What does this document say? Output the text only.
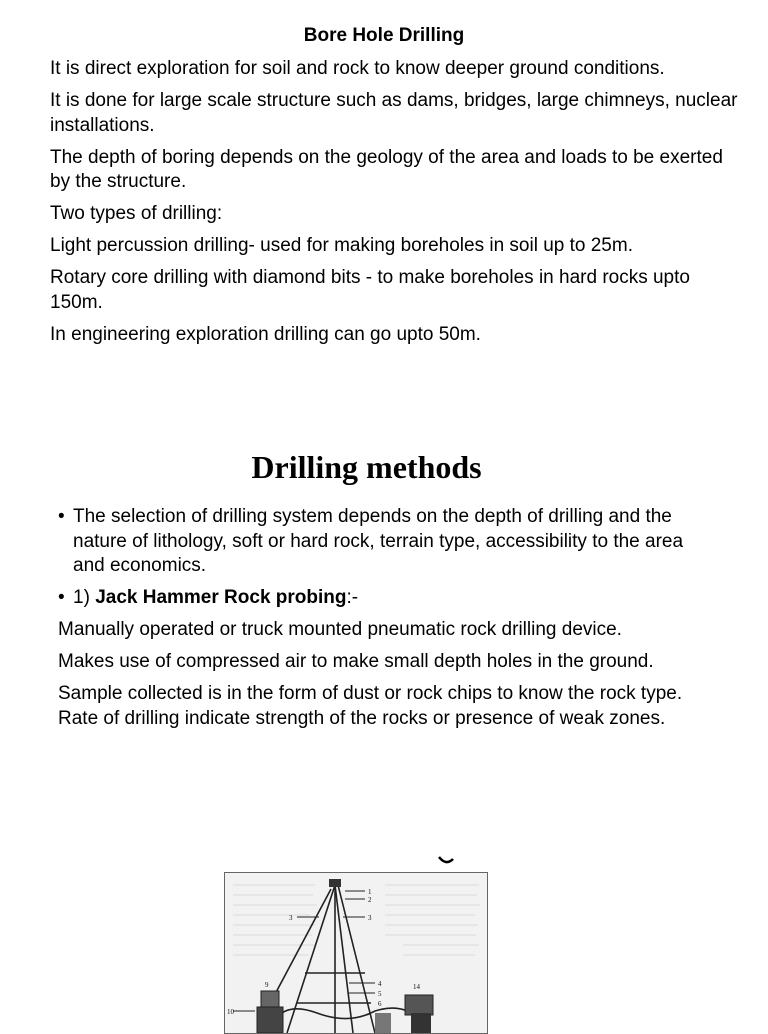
Bore Hole Drilling

It is direct exploration for soil and rock to know deeper ground conditions.

It is done for large scale structure such as dams, bridges, large chimneys, nuclear installations.

The depth of boring depends on the geology of the area and loads to be exerted by the structure.

Two types of drilling:

Light percussion drilling- used for making boreholes in soil up to 25m.

Rotary core drilling with diamond bits - to make boreholes in hard rocks upto 150m.

In engineering exploration drilling can go upto 50m.

Drilling methods
• The selection of drilling system depends on the depth of drilling and the nature of lithology, soft or hard rock, terrain type, accessibility to the area and economics.
• 1) Jack Hammer Rock probing:-

Manually operated or truck mounted pneumatic rock drilling device.

Makes use of compressed air to make small depth holes in the ground.

Sample collected is in the form of dust or rock chips to know the rock type. Rate of drilling indicate strength of the rocks or presence of weak zones.

1
2
3	3
4
5
6
9
10
14
